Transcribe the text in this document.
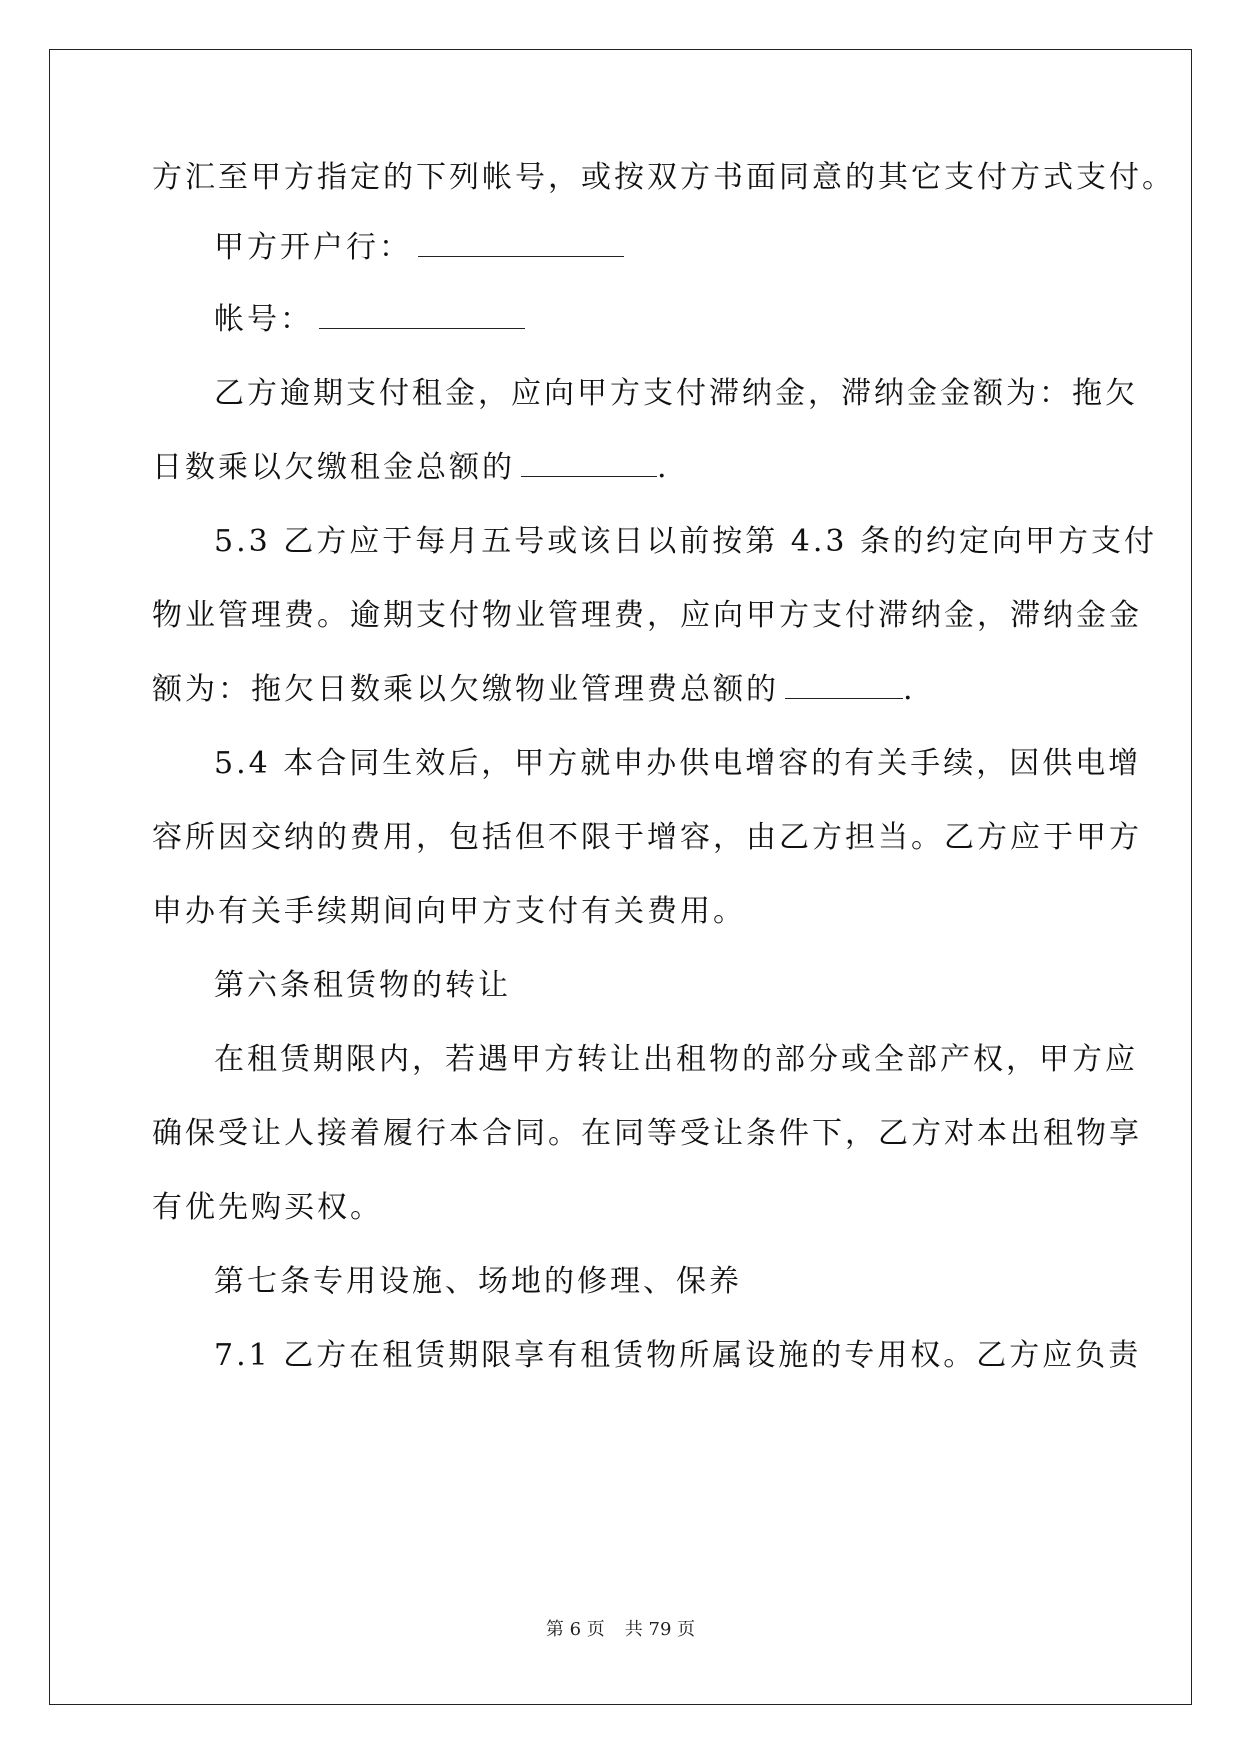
方汇至甲方指定的下列帐号，或按双方书面同意的其它支付方式支付。
甲方开户行：
帐号：
乙方逾期支付租金，应向甲方支付滞纳金，滞纳金金额为：拖欠
日数乘以欠缴租金总额的	.
5.3 乙方应于每月五号或该日以前按第 4.3 条的约定向甲方支付
物业管理费。逾期支付物业管理费，应向甲方支付滞纳金，滞纳金金
额为：拖欠日数乘以欠缴物业管理费总额的	.
5.4 本合同生效后，甲方就申办供电增容的有关手续，因供电增
容所因交纳的费用，包括但不限于增容，由乙方担当。乙方应于甲方
申办有关手续期间向甲方支付有关费用。
第六条租赁物的转让
在租赁期限内，若遇甲方转让出租物的部分或全部产权，甲方应
确保受让人接着履行本合同。在同等受让条件下，乙方对本出租物享
有优先购买权。
第七条专用设施、场地的修理、保养
7.1 乙方在租赁期限享有租赁物所属设施的专用权。乙方应负责
第 6 页 共 79 页
